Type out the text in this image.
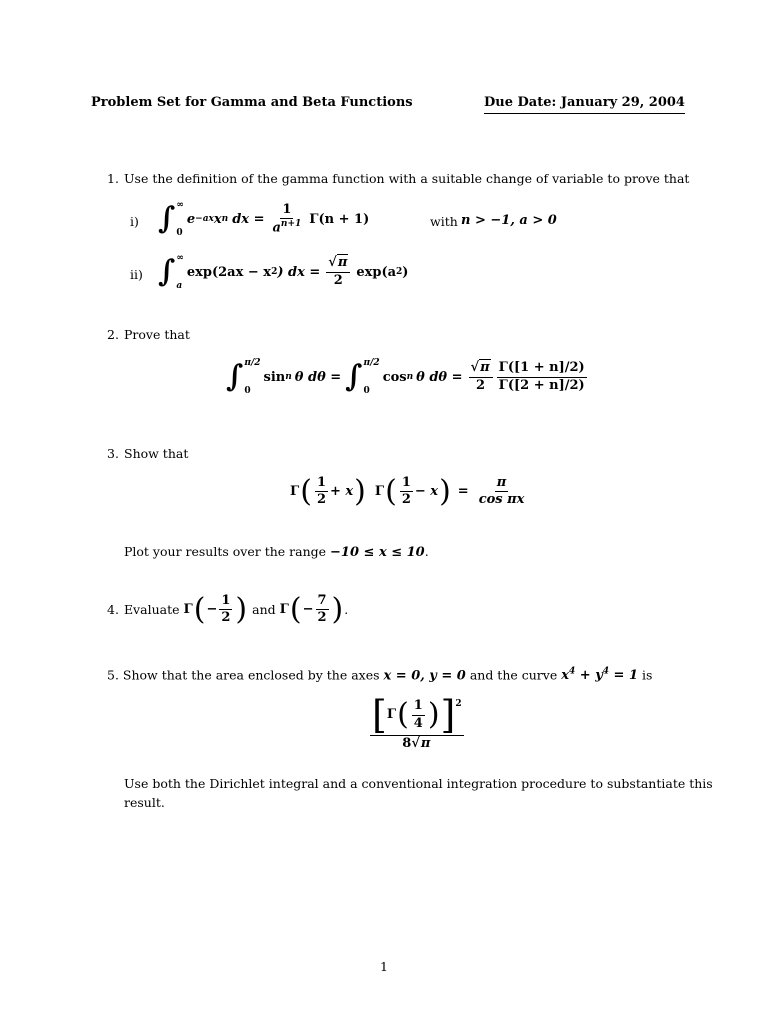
Problem Set for Gamma and Beta Functions	Due Date: January 29, 2004
1. Use the definition of the gamma function with a suitable change of variable to prove that
i) ∫ ∞
0
e −ax x n dx = $\frac{1}{a^{n+1}} \Gamma(n + 1)$	with n > −1, a > 0
ii) ∫ ∞
a
exp(2ax − x 2 ) dx = $\frac{√\pi}{2} \exp(a$ 2 )
2. Prove that
∫ π/2
0
sin n θ dθ = ∫ π/2
0
cos n θ $d\theta = \frac{√\pi}{2} \frac{\Gamma([1 + n]/2)}{\Gamma([2 + n]/2)}$
3. Show that
Γ ( $\frac{1}{2} + x$ ) Γ ( $\frac{1}{2} - x$ ) = $\frac{\pi}{\text{cos πx}}$
Plot your results over the range −10 ≤ x ≤ 10.
4. Evaluate Γ ( − $\frac{1}{2}$ ) and Γ ( − $\frac{7}{2}$ ) .
5. Show that the area enclosed by the axes x = 0, y = 0 and the curve $x^4 + y^4 = 1$ is
$\frac{[ \Gamma ( \frac{1}{4} ) ] 2}{8√\pi}$
Use both the Dirichlet integral and a conventional integration procedure to substantiate this
result.
1
